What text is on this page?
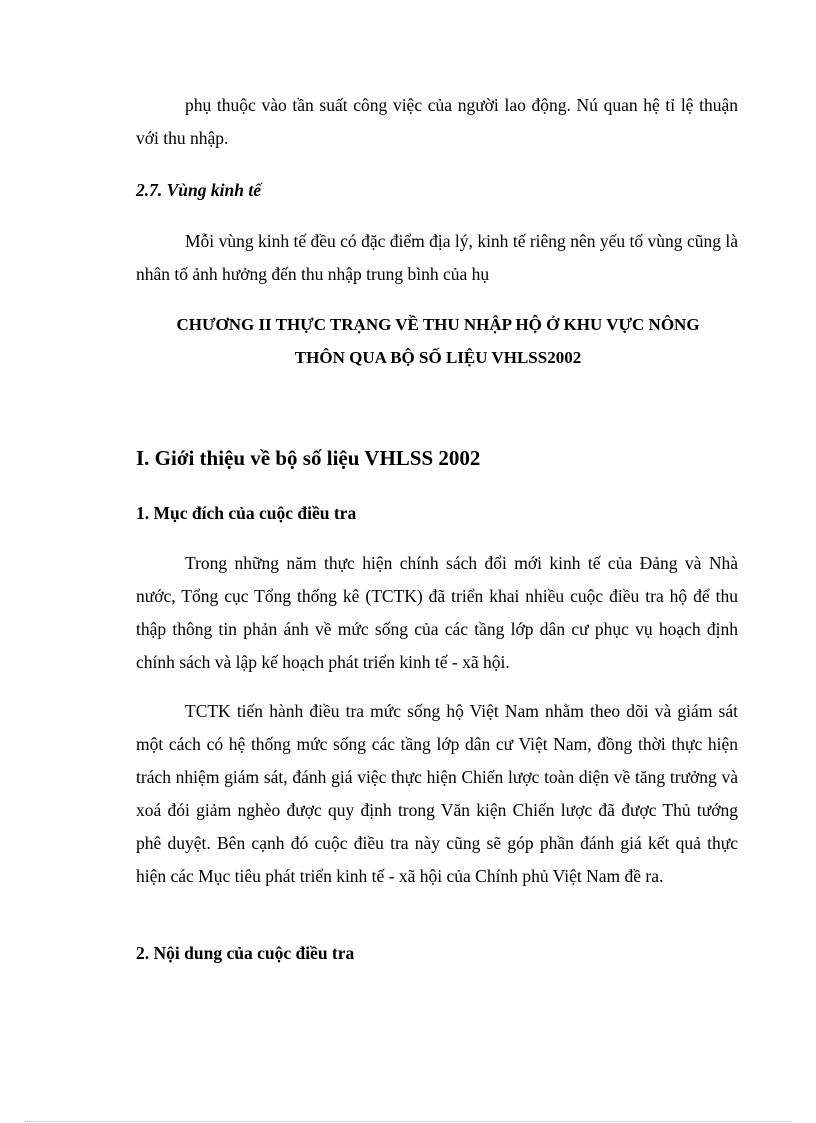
phụ thuộc vào tần suất công việc của người lao động. Nú quan hệ tỉ lệ thuận với thu nhập.

2.7. Vùng kinh tế

Mỗi vùng kinh tế đều có đặc điểm địa lý, kinh tế riêng nên yếu tố vùng cũng là nhân tố ảnh hưởng đến thu nhập trung bình của hụ

CHƯƠNG II THỰC TRẠNG VỀ THU NHẬP HỘ Ở KHU VỰC NÔNG
THÔN QUA BỘ SỐ LIỆU VHLSS2002

I. Giới thiệu về bộ số liệu VHLSS 2002

1. Mục đích của cuộc điều tra

Trong những năm thực hiện chính sách đổi mới kinh tế của Đảng và Nhà nước, Tổng cục Tổng thống kê (TCTK) đã triển khai nhiều cuộc điều tra hộ để thu thập thông tin phản ánh về mức sống của các tầng lớp dân cư phục vụ hoạch định chính sách và lập kế hoạch phát triển kinh tế - xã hội.

TCTK tiến hành điều tra mức sống hộ Việt Nam nhằm theo dõi và giám sát một cách có hệ thống mức sống các tầng lớp dân cư Việt Nam, đồng thời thực hiện trách nhiệm giám sát, đánh giá việc thực hiện Chiến lược toàn diện về tăng trưởng và xoá đói giảm nghèo được quy định trong Văn kiện Chiến lược đã được Thủ tướng phê duyệt. Bên cạnh đó cuộc điều tra này cũng sẽ góp phần đánh giá kết quả thực hiện các Mục tiêu phát triển kinh tế - xã hội của Chính phủ Việt Nam đề ra.

2. Nội dung của cuộc điều tra
